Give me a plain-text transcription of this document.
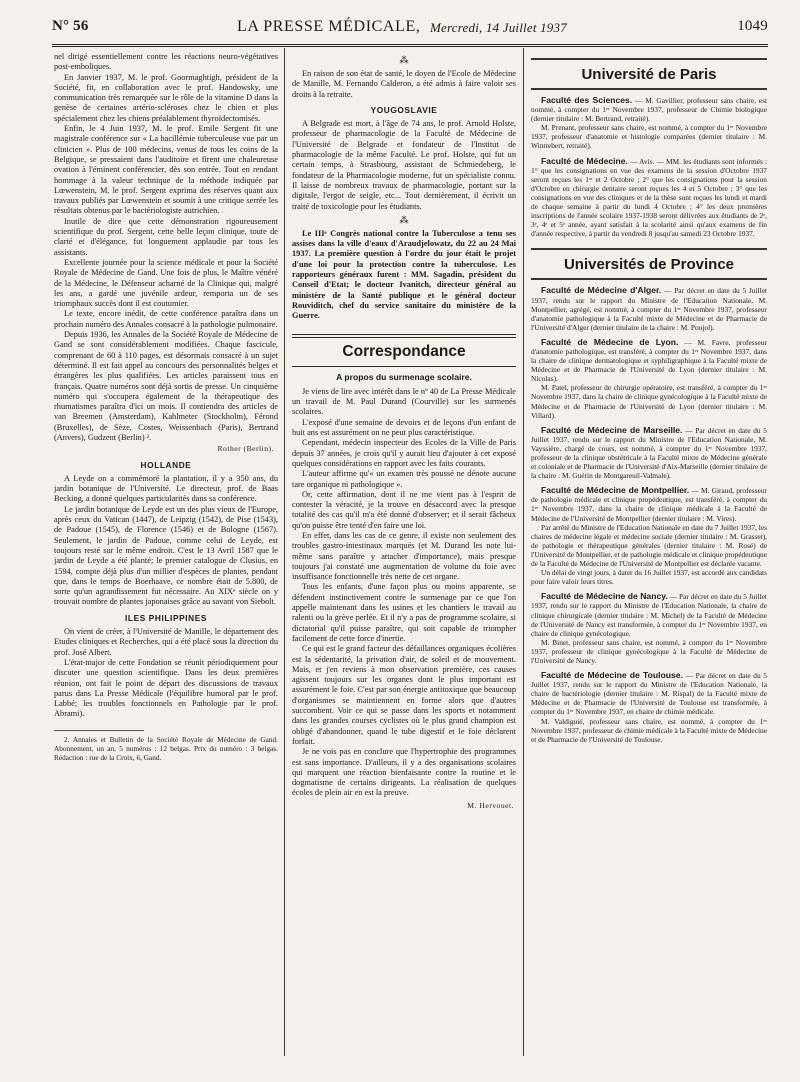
N° 56	LA PRESSE MÉDICALE, Mercredi, 14 Juillet 1937	1049

nel dirigé essentiellement contre les réactions neuro-végétatives post-emboliques.

En Janvier 1937, M. le prof. Goormaghtigh, président de la Société, fit, en collaboration avec le prof. Handowsky, une communication très remarquée sur le rôle de la vitamine D dans la genèse de certaines artério-scléroses chez le chien et plus spécialement chez les chiens préalablement thyroïdectomisés.

Enfin, le 4 Juin 1937, M. le prof. Emile Sergent fit une magistrale conférence sur « La bacillémie tuberculeuse vue par un clinicien ». Plus de 100 médecins, venus de tous les coins de la Belgique, se pressaient dans l'auditoire et firent une chaleureuse ovation à l'éminent conférencier, dès son entrée. Tout en rendant hommage à la valeur technique de la méthode indiquée par Lœwenstein, M. le prof. Sergent exprima des réserves quant aux travaux publiés par Lœwenstein et soumit à une critique serrée les résultats obtenus par le bactériologiste autrichien.

Inutile de dire que cette démonstration rigoureusement scientifique du prof. Sergent, cette belle leçon clinique, toute de clarté et d'élégance, fut longuement applaudie par tous les assistants.

Excellente journée pour la science médicale et pour la Société Royale de Médecine de Gand. Une fois de plus, le Maître vénéré de la Médecine, le Défenseur acharné de la Clinique qui, malgré les ans, a gardé une juvénile ardeur, remporta un de ses triomphaux succès dont il est coutumier.

Le texte, encore inédit, de cette conférence paraîtra dans un prochain numéro des Annales consacré à la pathologie pulmonaire.

Depuis 1936, les Annales de la Société Royale de Médecine de Gand se sont considérablement modifiées. Chaque fascicule, comprenant de 60 à 110 pages, est désormais consacré à un sujet déterminé. Il est fait appel au concours des personnalités belges et étrangères les plus qualifiées. Les articles paraissent tous en français. Quatre numéros sont déjà sortis de presse. Un cinquième numéro qui s'occupera également de la thérapeutique des rhumatismes paraîtra d'ici un mois. Il contiendra des articles de van Breemen (Amsterdam), Kahlmeter (Stockholm), Férond (Bruxelles), de Sèze, Costes, Weissenbach (Paris), Bertrand (Anvers), Gudzent (Berlin) ².

Rother (Berlin).
HOLLANDE

A Leyde on a commémoré la plantation, il y a 350 ans, du jardin botanique de l'Université. Le directeur, prof. de Baas Becking, a donné quelques particularités dans sa conférence.

Le jardin botanique de Leyde est un des plus vieux de l'Europe, après ceux du Vatican (1447), de Leipzig (1542), de Pise (1543), de Padoue (1545), de Florence (1546) et de Bologne (1567). Seulement, le jardin de Padoue, comme celui de Leyde, est toujours resté sur le même endroit. C'est le 13 Avril 1587 que le jardin de Leyde a été planté; le premier catalogue de Clusius, en 1594, compte déjà plus d'un millier d'espèces de plantes, pendant que, dans le temps de Boerhaave, ce nombre était de 5.800, de sorte qu'un agrandissement fut nécessaire. Au XIXᵉ siècle on y trouvait nombre de plantes japonaises grâce au savant von Siebolt.

ILES PHILIPPINES

On vient de créer, à l'Université de Manille, le département des Etudes cliniques et Recherches, qui a été placé sous la direction du prof. José Albert.

L'état-major de cette Fondation se réunit périodiquement pour discuter une question scientifique. Dans les deux premières réunion, ont fait le point de départ des discussions de travaux parus dans La Presse Médicale (l'équilibre humoral par le prof. Labbé; les troubles fonctionnels en Pathologie par le prof. Abrami).

2. Annales et Bulletin de la Société Royale de Médecine de Gand. Abonnement, un an, 5 numéros : 12 belgas. Prix du numéro : 3 belgas. Rédaction : rue de la Croix, 6, Gand.

⁂

En raison de son état de santé, le doyen de l'Ecole de Médecine de Manille, M. Fernando Calderon, a été admis à faire valoir ses droits à la retraite.

YOUGOSLAVIE

A Belgrade est mort, à l'âge de 74 ans, le prof. Arnold Holste, professeur de pharmacologie de la Faculté de Médecine de l'Université de Belgrade et fondateur de l'Institut de pharmacologie de la même Faculté. Le prof. Holste, qui fut un certain temps, à Strasbourg, assistant de Schmiedeberg, le fondateur de la Pharmacologie moderne, fut un spécialiste connu. Il laisse de nombreux travaux de pharmacologie, portant sur la digitale, l'ergot de seigle, etc... Tout dernièrement, il écrivit un traité de toxicologie pour les étudiants.

⁂

Le IIIᵉ Congrès national contre la Tuberculose a tenu ses assises dans la ville d'eaux d'Araudjelowatz, du 22 au 24 Mai 1937. La première question à l'ordre du jour était le projet d'une loi pour la protection contre la tuberculose. Les rapporteurs généraux furent : MM. Sagadin, président du Conseil d'Etat; le docteur Ivanitch, directeur général au ministère de la Santé publique et le général docteur Rouviditch, chef du service sanitaire du ministère de la Guerre.

Correspondance
A propos du surmenage scolaire.

Je viens de lire avec intérêt dans le nº 40 de La Presse Médicale un travail de M. Paul Durand (Courville) sur les surmenés scolaires.

L'exposé d'une semaine de devoirs et de leçons d'un enfant de huit ans est assurément on ne peut plus caractéristique.

Cependant, médecin inspecteur des Ecoles de la Ville de Paris depuis 37 années, je crois qu'il y aurait lieu d'ajouter à cet exposé quelques considérations en rapport avec les faits courants.

L'auteur affirme qu'« un examen très poussé ne dénote aucune tare organique ni pathologique ».

Or, cette affirmation, dont il ne me vient pas à l'esprit de contester la véracité, je la trouve en désaccord avec la presque totalité des cas qu'il m'a été donné d'observer; et il serait fâcheux qu'on puisse être tenté d'en faire une loi.

En effet, dans les cas de ce genre, il existe non seulement des troubles gastro-intestinaux marqués (et M. Durand les note lui-même sans paraître y attacher d'importance), mais presque toujours j'ai constaté une augmentation de volume du foie avec insuffisance fonctionnelle très nette de cet organe.

Tous les enfants, d'une façon plus ou moins apparente, se défendent instinctivement contre le surmenage par ce que l'on appelle maintenant dans les usines et les chantiers le travail au ralenti ou la grève perlée. Et il n'y a pas de programme scolaire, si dictatorial qu'il puisse paraître, qui soit capable de triompher facilement de cette force d'inertie.

Ce qui est le grand facteur des défaillances organiques écolières est la sédentarité, la privation d'air, de soleil et de mouvement. Mais, et j'en reviens à mon observation première, ces causes agissent toujours sur les organes dont le plus important est assurément le foie. C'est par son énergie antitoxique que beaucoup d'organismes se maintiennent en forme alors que d'autres succombent. Voir ce qui se passe dans les sports et notamment dans les grandes courses cyclistes où le plus grand champion est obligé d'abandonner, quand le tube digestif et le foie déclarent forfait.

Je ne vois pas en conclure que l'hypertrophie des programmes est sans importance. D'ailleurs, il y a des organisations scolaires qui marquent une réaction bienfaisante contre la routine et le dogmatisme de certains dirigeants. La réalisation de quelques écoles de plein air en est la preuve.

M. Hervouet.
Université de Paris

Faculté des Sciences. — M. Gavillier, professeur sans chaire, est nommé, à compter du 1ᵉʳ Novembre 1937, professeur de Chimie biologique (dernier titulaire : M. Bertrand, retraité).

M. Prenant, professeur sans chaire, est nommé, à compter du 1ᵉʳ Novembre 1937, professeur d'anatomie et histologie comparées (dernier titulaire : M. Wintrebert, retraité).

Faculté de Médecine. — Avis. — MM. les étudiants sont informés : 1° que les consignations en vue des examens de la session d'Octobre 1937 seront reçues les 1ᵉʳ et 2 Octobre ; 2° que les consignations pour la session d'Octobre en chirurgie dentaire seront reçues les 4 et 5 Octobre ; 3° que les consignations en vue des cliniques et de la thèse sont reçues les lundi et mardi de chaque semaine à partir du lundi 4 Octobre ; 4° les deux premières inscriptions de l'année scolaire 1937-1938 seront délivrées aux étudiants de 2ᵉ, 3ᵉ, 4ᵉ et 5ᵉ année, ayant satisfait à la scolarité ainsi qu'aux examens de fin d'année respective, à partir du vendredi 8 jusqu'au samedi 23 Octobre 1937.

Universités de Province

Faculté de Médecine d'Alger. — Par décret en date du 5 Juillet 1937, rendu sur le rapport du Ministre de l'Education Nationale, M. Montpellier, agrégé, est nommé, à compter du 1ᵉʳ Novembre 1937, professeur d'anatomie pathologique à la Faculté mixte de Médecine et de Pharmacie de l'Université d'Alger (dernier titulaire de la chaire : M. Poujol).

Faculté de Médecine de Lyon. — M. Favre, professeur d'anatomie pathologique, est transféré, à compter du 1ᵉʳ Novembre 1937, dans la chaire de clinique dermatologique et syphiligraphique à la Faculté mixte de Médecine et de Pharmacie de l'Université de Lyon (dernier titulaire : M. Nicolas).

M. Patel, professeur de chirurgie opératoire, est transféré, à compter du 1ᵉʳ Novembre 1937, dans la chaire de clinique gynécologique à la Faculté mixte de Médecine et de Pharmacie de l'Université de Lyon (dernier titulaire : M. Villard).

Faculté de Médecine de Marseille. — Par décret en date du 5 Juillet 1937, rendu sur le rapport du Ministre de l'Education Nationale, M. Vayssière, chargé de cours, est nommé, à compter du 1ᵉʳ Novembre 1937, professeur de la clinique obstétricale à la Faculté mixte de Médecine générale et coloniale et de Pharmacie de l'Université d'Aix-Marseille (dernier titulaire de la chaire : M. Guérin de Montgareuil-Valmale).

Faculté de Médecine de Montpellier. — M. Giraud, professeur de pathologie médicale et clinique propédeutique, est transféré, à compter du 1ᵉʳ Novembre 1937, dans la chaire de clinique médicale à la Faculté de Médecine de l'Université de Montpellier (dernier titulaire : M. Vires).

Par arrêté du Ministre de l'Education Nationale en date du 7 Juillet 1937, les chaires de médecine légale et médecine sociale (dernier titulaire : M. Grasset), de pathologie et thérapeutique générales (dernier titulaire : M. Rosé) de l'Université de Montpellier, et de pathologie médicale et clinique propédeutique de la Faculté de Médecine de l'Université de Montpellier est déclarée vacante.

Un délai de vingt jours, à dater du 16 Juillet 1937, est accordé aux candidats pour faire valoir leurs titres.

Faculté de Médecine de Nancy. — Par décret en date du 5 Juillet 1937, rendu sur le rapport du Ministre de l'Education Nationale, la chaire de clinique chirurgicale (dernier titulaire : M. Michel) de la Faculté de Médecine de l'Université de Nancy est transformée, à compter du 1ᵉʳ Novembre 1937, en chaire de clinique gynécologique.

M. Binet, professeur sans chaire, est nommé, à compter du 1ᵉʳ Novembre 1937, professeur de clinique gynécologique à la Faculté de Médecine de l'Université de Nancy.

Faculté de Médecine de Toulouse. — Par décret en date du 5 Juillet 1937, rendu sur le rapport du Ministre de l'Education Nationale, la chaire de bactériologie (dernier titulaire : M. Rispal) de la Faculté mixte de Médecine et de Pharmacie de l'Université de Toulouse est transformée, à compter du 1ᵉʳ Novembre 1937, en chaire de chimie médicale.

M. Valdiguié, professeur sans chaire, est nommé, à compter du 1ᵉʳ Novembre 1937, professeur de chimie médicale à la Faculté mixte de Médecine et de Pharmacie de l'Université de Toulouse.
